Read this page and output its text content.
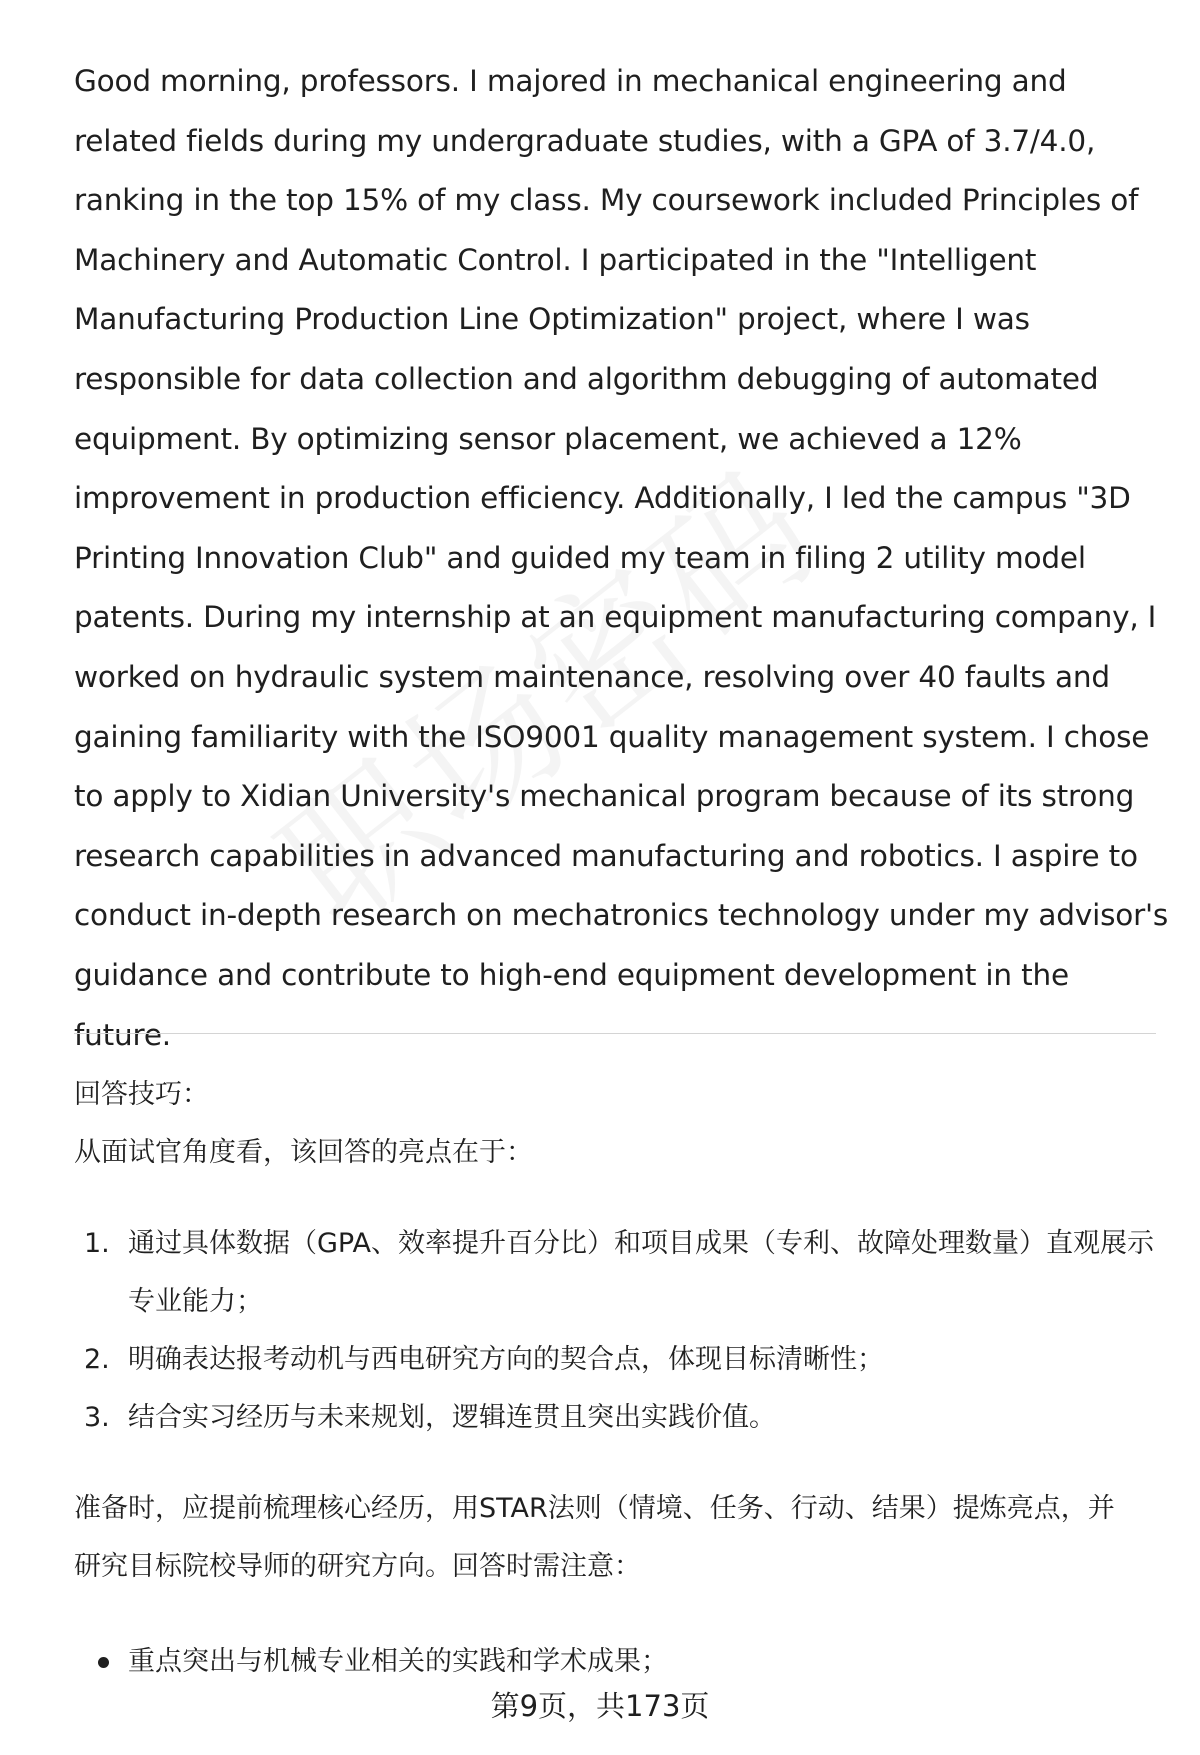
Good morning, professors. I majored in mechanical engineering and related fields during my undergraduate studies, with a GPA of 3.7/4.0, ranking in the top 15% of my class. My coursework included Principles of Machinery and Automatic Control. I participated in the "Intelligent Manufacturing Production Line Optimization" project, where I was responsible for data collection and algorithm debugging of automated equipment. By optimizing sensor placement, we achieved a 12% improvement in production efficiency. Additionally, I led the campus "3D Printing Innovation Club" and guided my team in filing 2 utility model patents. During my internship at an equipment manufacturing company, I worked on hydraulic system maintenance, resolving over 40 faults and gaining familiarity with the ISO9001 quality management system. I chose to apply to Xidian University's mechanical program because of its strong research capabilities in advanced manufacturing and robotics. I aspire to conduct in-depth research on mechatronics technology under my advisor's guidance and contribute to high-end equipment development in the future.

回答技巧：

从面试官角度看，该回答的亮点在于：

1. 通过具体数据（GPA、效率提升百分比）和项目成果（专利、故障处理数量）直观展示专业能力；
2. 明确表达报考动机与西电研究方向的契合点，体现目标清晰性；
3. 结合实习经历与未来规划，逻辑连贯且突出实践价值。

准备时，应提前梳理核心经历，用STAR法则（情境、任务、行动、结果）提炼亮点，并研究目标院校导师的研究方向。回答时需注意：

重点突出与机械专业相关的实践和学术成果；
第9页，共173页
